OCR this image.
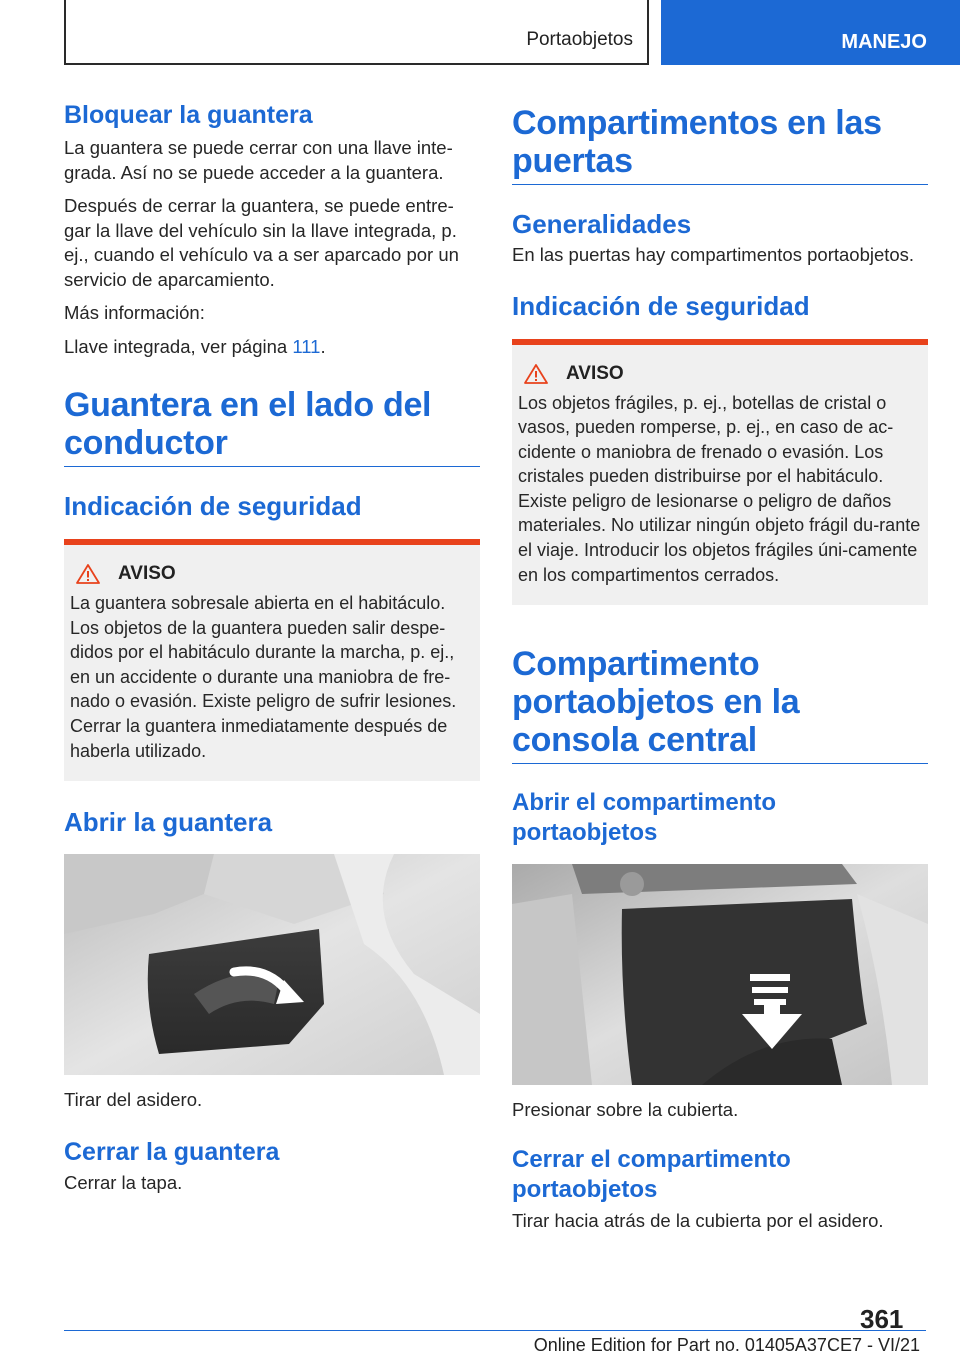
Portaobjetos	MANEJO
Bloquear la guantera

La guantera se puede cerrar con una llave inte-grada. Así no se puede acceder a la guantera.

Después de cerrar la guantera, se puede entre-gar la llave del vehículo sin la llave integrada, p. ej., cuando el vehículo va a ser aparcado por un servicio de aparcamiento.

Más información:

Llave integrada, ver página 111.

Guantera en el lado del conductor
Indicación de seguridad
AVISO

La guantera sobresale abierta en el habitáculo. Los objetos de la guantera pueden salir despe-didos por el habitáculo durante la marcha, p. ej., en un accidente o durante una maniobra de fre-nado o evasión. Existe peligro de sufrir lesiones. Cerrar la guantera inmediatamente después de haberla utilizado.

Abrir la guantera

Tirar del asidero.

Cerrar la guantera

Cerrar la tapa.

Compartimentos en las puertas
Generalidades

En las puertas hay compartimentos portaobjetos.

Indicación de seguridad
AVISO

Los objetos frágiles, p. ej., botellas de cristal o vasos, pueden romperse, p. ej., en caso de ac-cidente o maniobra de frenado o evasión. Los cristales pueden distribuirse por el habitáculo. Existe peligro de lesionarse o peligro de daños materiales. No utilizar ningún objeto frágil du-rante el viaje. Introducir los objetos frágiles úni-camente en los compartimentos cerrados.

Compartimento portaobjetos en la consola central
Abrir el compartimento portaobjetos

Presionar sobre la cubierta.

Cerrar el compartimento portaobjetos

Tirar hacia atrás de la cubierta por el asidero.

361
Online Edition for Part no. 01405A37CE7 - VI/21
